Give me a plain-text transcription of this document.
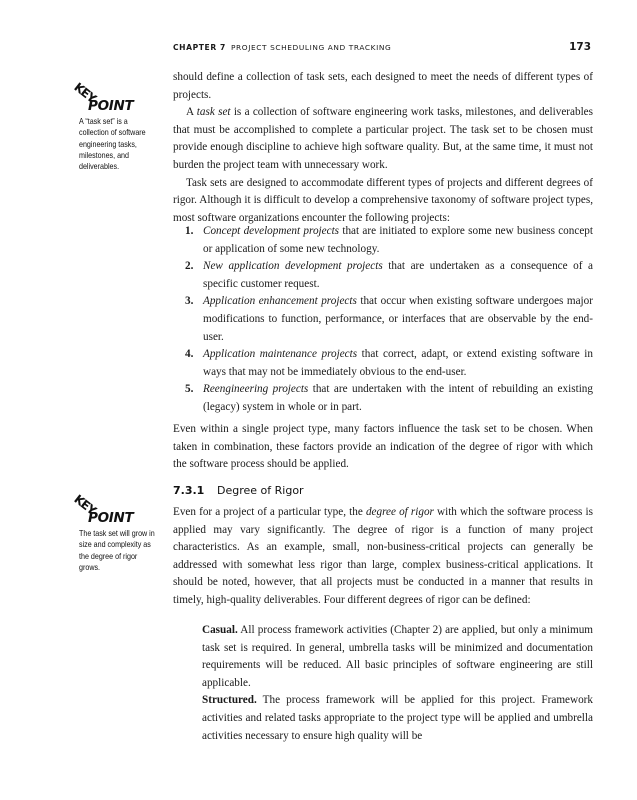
CHAPTER 7 PROJECT SCHEDULING AND TRACKING	173
KEY
POINT
A “task set” is a collection of software engineering tasks, milestones, and deliverables.
KEY
POINT
The task set will grow in size and complexity as the degree of rigor grows.

should define a collection of task sets, each designed to meet the needs of different types of projects.

A task set is a collection of software engineering work tasks, milestones, and deliverables that must be accomplished to complete a particular project. The task set to be chosen must provide enough discipline to achieve high software quality. But, at the same time, it must not burden the project team with unnecessary work.

Task sets are designed to accommodate different types of projects and different degrees of rigor. Although it is difficult to develop a comprehensive taxonomy of software project types, most software organizations encounter the following projects:

1. Concept development projects that are initiated to explore some new business concept or application of some new technology.

2. New application development projects that are undertaken as a consequence of a specific customer request.

3. Application enhancement projects that occur when existing software undergoes major modifications to function, performance, or interfaces that are observable by the end-user.

4. Application maintenance projects that correct, adapt, or extend existing software in ways that may not be immediately obvious to the end-user.

5. Reengineering projects that are undertaken with the intent of rebuilding an existing (legacy) system in whole or in part.

Even within a single project type, many factors influence the task set to be chosen. When taken in combination, these factors provide an indication of the degree of rigor with which the software process should be applied.

7.3.1 Degree of Rigor

Even for a project of a particular type, the degree of rigor with which the software process is applied may vary significantly. The degree of rigor is a function of many project characteristics. As an example, small, non-business-critical projects can generally be addressed with somewhat less rigor than large, complex business-critical applications. It should be noted, however, that all projects must be conducted in a manner that results in timely, high-quality deliverables. Four different degrees of rigor can be defined:

Casual. All process framework activities (Chapter 2) are applied, but only a minimum task set is required. In general, umbrella tasks will be minimized and documentation requirements will be reduced. All basic principles of software engineering are still applicable.

Structured. The process framework will be applied for this project. Framework activities and related tasks appropriate to the project type will be applied and umbrella activities necessary to ensure high quality will be
